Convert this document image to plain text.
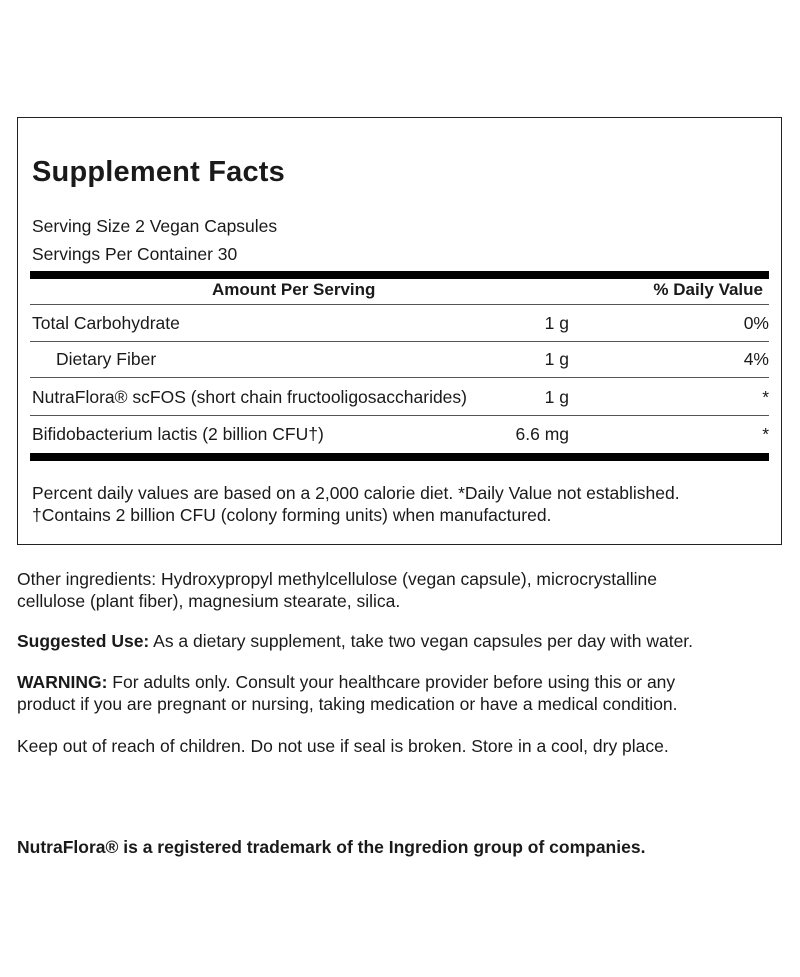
Supplement Facts
Serving Size 2 Vegan Capsules
Servings Per Container 30
Amount Per Serving	% Daily Value
Total Carbohydrate	1 g	0%
Dietary Fiber	1 g	4%
NutraFlora® scFOS (short chain fructooligosaccharides)	1 g	*
Bifidobacterium lactis (2 billion CFU†)	6.6 mg	*
Percent daily values are based on a 2,000 calorie diet. *Daily Value not established.
†Contains 2 billion CFU (colony forming units) when manufactured.
Other ingredients: Hydroxypropyl methylcellulose (vegan capsule), microcrystalline
cellulose (plant fiber), magnesium stearate, silica.
Suggested Use: As a dietary supplement, take two vegan capsules per day with water.
WARNING: For adults only. Consult your healthcare provider before using this or any
product if you are pregnant or nursing, taking medication or have a medical condition.
Keep out of reach of children. Do not use if seal is broken. Store in a cool, dry place.
NutraFlora® is a registered trademark of the Ingredion group of companies.
